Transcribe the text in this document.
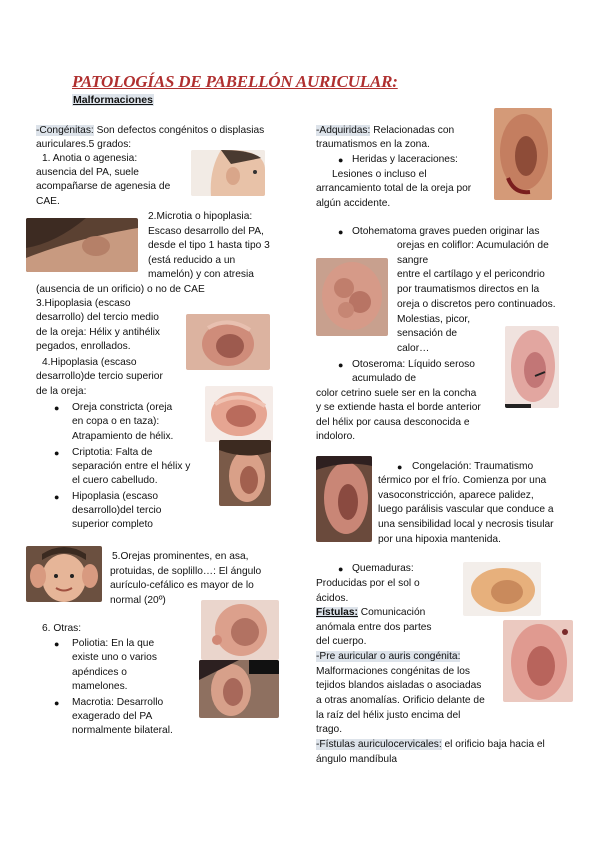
PATOLOGÍAS DE PABELLÓN AURICULAR:
Malformaciones

-Congénitas: Son defectos congénitos o displasias

auriculares.5 grados:

1. Anotia o agenesia:

ausencia del PA, suele

acompañarse de agenesia de

CAE.

2.Microtia o hipoplasia:

Escaso desarrollo del PA,

desde el tipo 1 hasta tipo 3

(está reducido a un

mamelón) y con atresia

(ausencia de un orificio) o no de CAE

3.Hipoplasia (escaso

desarrollo) del tercio medio

de la oreja: Hélix y antihélix

pegados, enrollados.

4.Hipoplasia (escaso

desarrollo)de tercio superior

de la oreja:

● Oreja constricta (oreja

en copa o en taza):

Atrapamiento de hélix.

● Criptotia: Falta de

separación entre el hélix y

el cuero cabelludo.

● Hipoplasia (escaso

desarrollo)del tercio

superior completo

5.Orejas prominentes, en asa,

protuidas, de soplillo…: El ángulo

aurículo-cefálico es mayor de lo

normal (20º)

6. Otras:

● Poliotia: En la que

existe uno o varios

apéndices o

mamelones.

● Macrotia: Desarrollo

exagerado del PA

normalmente bilateral.

-Adquiridas: Relacionadas con

traumatismos en la zona.

● Heridas y laceraciones:

Lesiones o incluso el

arrancamiento total de la oreja por

algún accidente.

● Otohematoma graves pueden originar las

orejas en coliflor: Acumulación de

sangre

entre el cartílago y el pericondrio

por traumatismos directos en la

oreja o discretos pero continuados.

Molestias, picor,

sensación de

calor…

● Otoseroma: Líquido seroso

acumulado de

color cetrino suele ser en la concha

y se extiende hasta el borde anterior

del hélix por causa desconocida e

indoloro.

● Congelación: Traumatismo

térmico por el frío. Comienza por una

vasoconstricción, aparece palidez,

luego parálisis vascular que conduce a

una sensibilidad local y necrosis tisular

por una hipoxia mantenida.

● Quemaduras:

Producidas por el sol o

ácidos.

Fístulas: Comunicación

anómala entre dos partes

del cuerpo.

-Pre auricular o auris congénita:

Malformaciones congénitas de los

tejidos blandos aisladas o asociadas

a otras anomalías. Orificio delante de

la raíz del hélix justo encima del

trago.

-Fístulas auriculocervicales: el orificio baja hacia el

ángulo mandíbula
